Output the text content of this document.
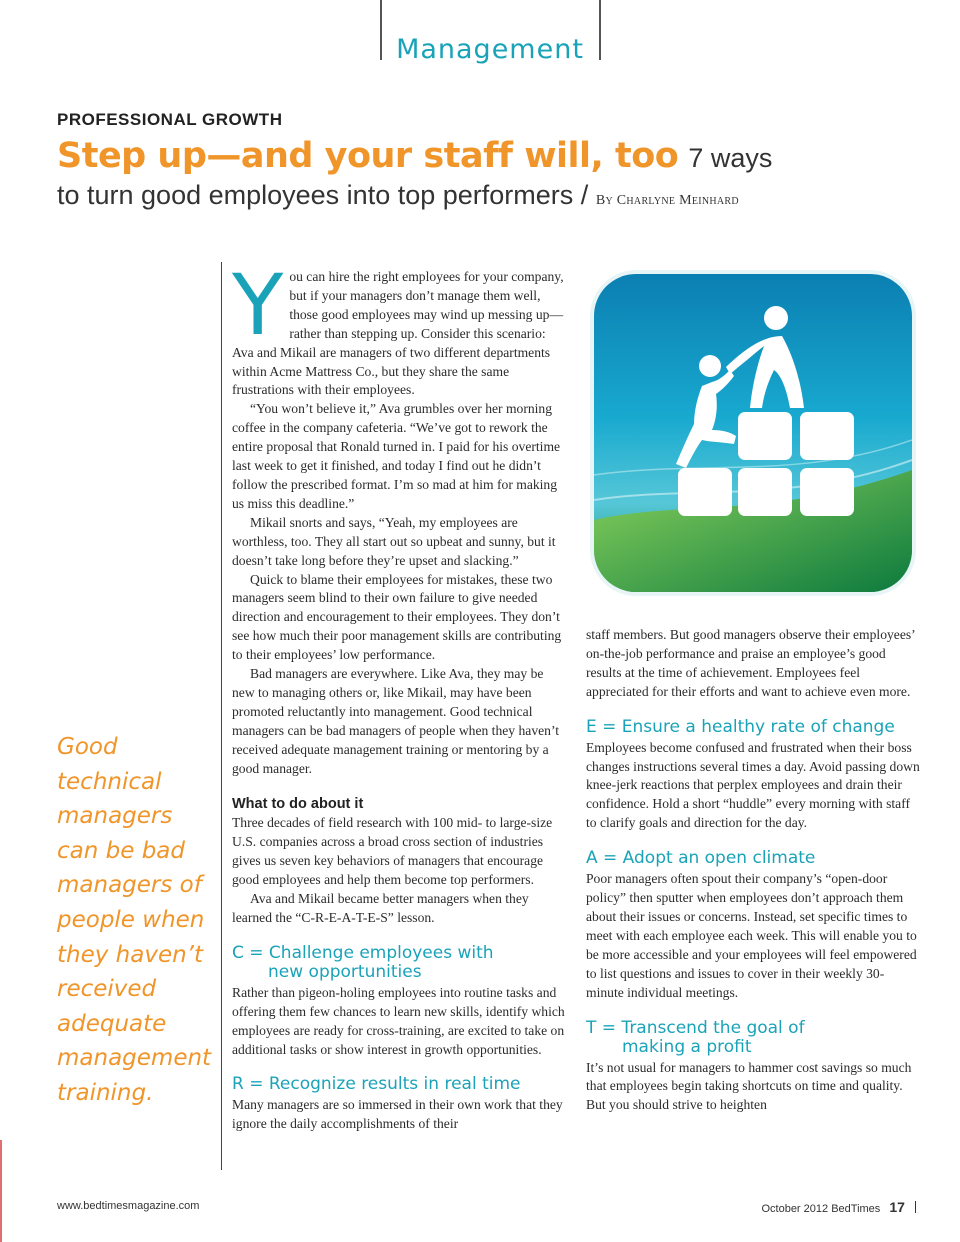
Management
PROFESSIONAL GROWTH
Step up—and your staff will, too 7 ways
to turn good employees into top performers / By Charlyne Meinhard
Good technical managers can be bad managers of people when they haven’t received adequate management training.

You can hire the right employees for your company, but if your managers don’t manage them well, those good employees may wind up messing up—rather than stepping up. Consider this scenario: Ava and Mikail are managers of two different departments within Acme Mattress Co., but they share the same frustrations with their employees.

“You won’t believe it,” Ava grumbles over her morning coffee in the company cafeteria. “We’ve got to rework the entire proposal that Ronald turned in. I paid for his overtime last week to get it finished, and today I find out he didn’t follow the prescribed format. I’m so mad at him for making us miss this deadline.”

Mikail snorts and says, “Yeah, my employees are worthless, too. They all start out so upbeat and sunny, but it doesn’t take long before they’re upset and slacking.”

Quick to blame their employees for mistakes, these two managers seem blind to their own failure to give needed direction and encouragement to their employees. They don’t see how much their poor management skills are contributing to their employees’ low performance.

Bad managers are everywhere. Like Ava, they may be new to managing others or, like Mikail, may have been promoted reluctantly into management. Good technical managers can be bad managers of people when they haven’t received adequate management training or mentoring by a good manager.

What to do about it

Three decades of field research with 100 mid- to large-size U.S. companies across a broad cross section of industries gives us seven key behaviors of managers that encourage good employees and help them become top performers.

Ava and Mikail became better managers when they learned the “C-R-E-A-T-E-S” lesson.

C = Challenge employees with
new opportunities

Rather than pigeon-holing employees into routine tasks and offering them few chances to learn new skills, identify which employees are ready for cross-training, are excited to take on additional tasks or show interest in growth opportunities.

R = Recognize results in real time

Many managers are so immersed in their own work that they ignore the daily accomplishments of their

staff members. But good managers observe their employees’ on-the-job performance and praise an employee’s good results at the time of achievement. Employees feel appreciated for their efforts and want to achieve even more.

E = Ensure a healthy rate of change

Employees become confused and frustrated when their boss changes instructions several times a day. Avoid passing down knee-jerk reactions that perplex employees and drain their confidence. Hold a short “huddle” every morning with staff to clarify goals and direction for the day.

A = Adopt an open climate

Poor managers often spout their company’s “open-door policy” then sputter when employees don’t approach them about their issues or concerns. Instead, set specific times to meet with each employee each week. This will enable you to be more accessible and your employees will feel empowered to list questions and issues to cover in their weekly 30-minute individual meetings.

T = Transcend the goal of
making a profit

It’s not usual for managers to hammer cost savings so much that employees begin taking shortcuts on time and quality. But you should strive to heighten

www.bedtimesmagazine.com	October 2012 BedTimes 17
